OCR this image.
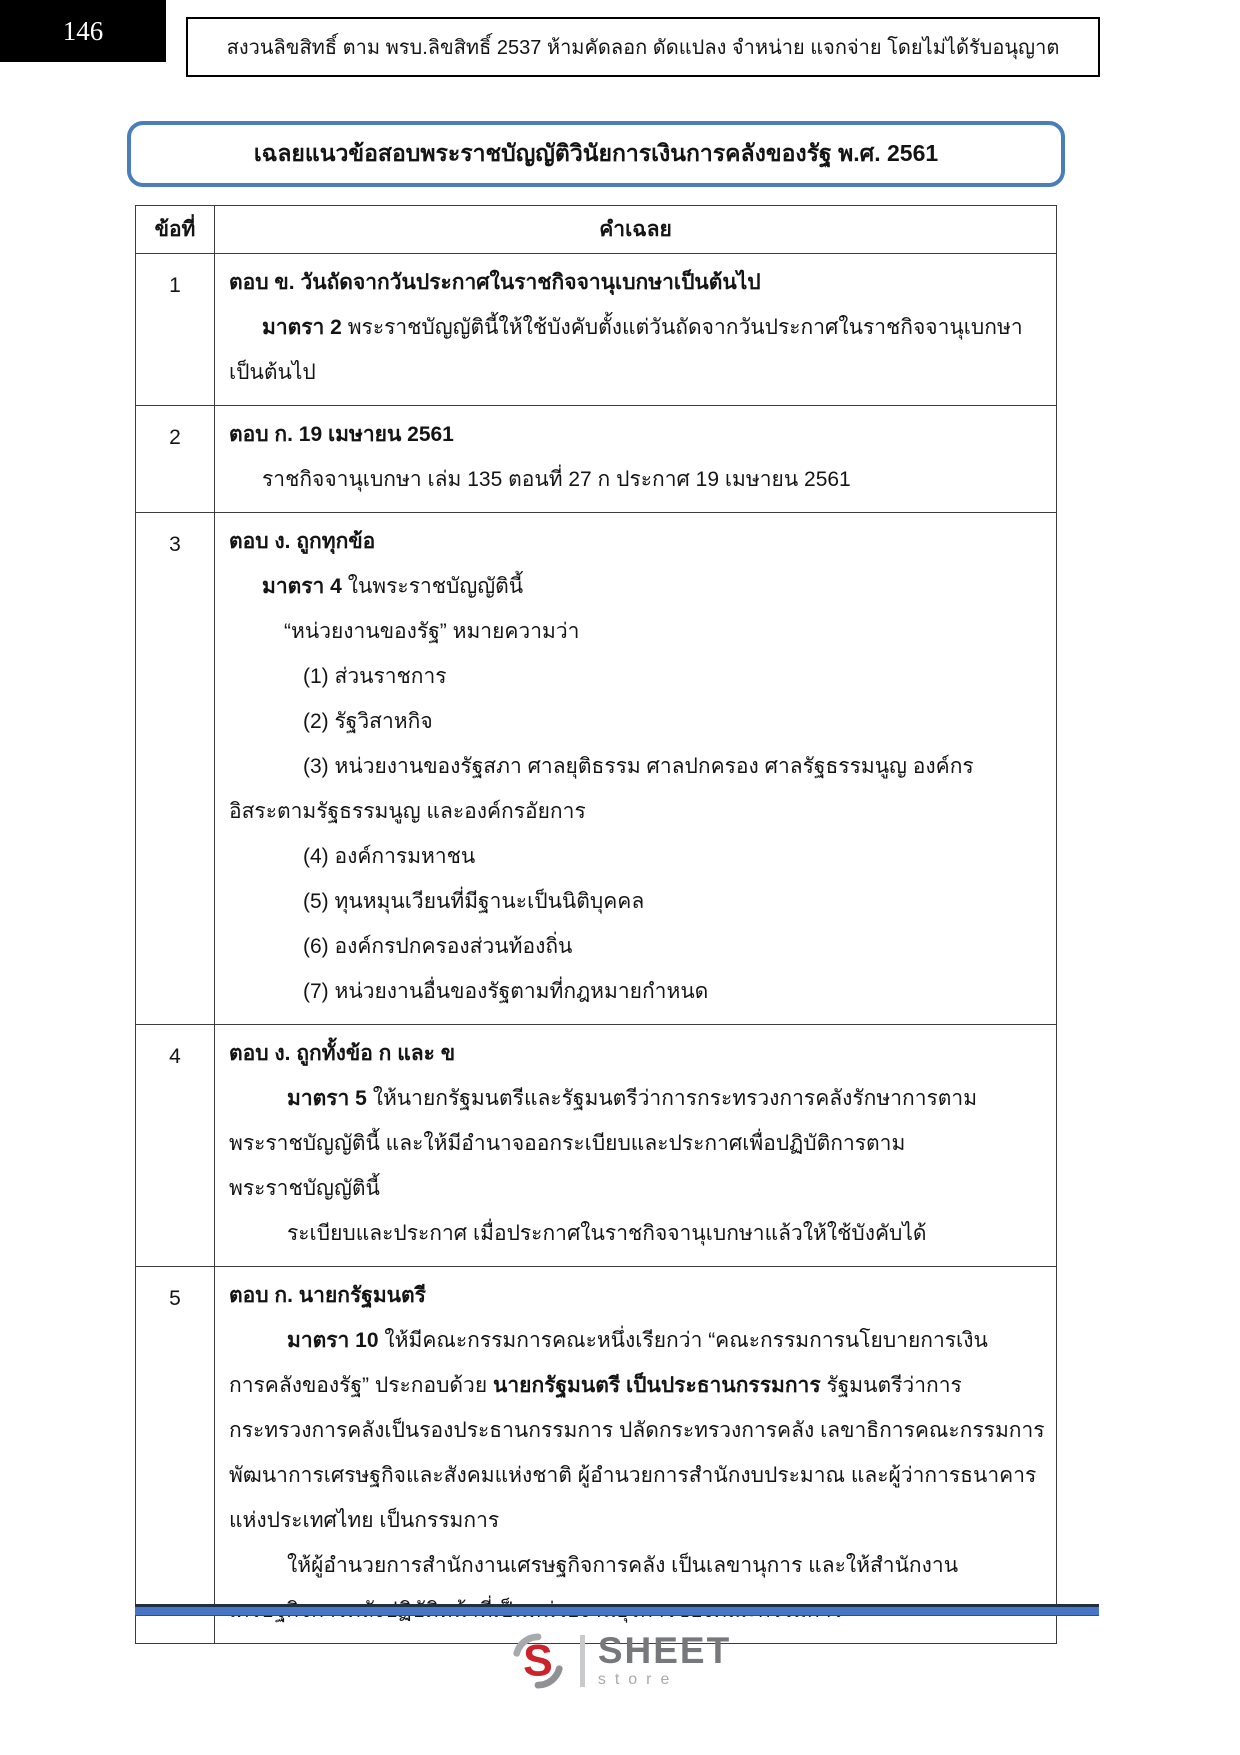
146
สงวนลิขสิทธิ์ ตาม พรบ.ลิขสิทธิ์ 2537 ห้ามคัดลอก ดัดแปลง จำหน่าย แจกจ่าย โดยไม่ได้รับอนุญาต
เฉลยแนวข้อสอบพระราชบัญญัติวินัยการเงินการคลังของรัฐ พ.ศ. 2561
ข้อที่	คำเฉลย
1	ตอบ ข. วันถัดจากวันประกาศในราชกิจจานุเบกษาเป็นต้นไป
มาตรา 2 พระราชบัญญัตินี้ให้ใช้บังคับตั้งแต่วันถัดจากวันประกาศในราชกิจจานุเบกษา
เป็นต้นไป

2	ตอบ ก. 19 เมษายน 2561
ราชกิจจานุเบกษา เล่ม 135 ตอนที่ 27 ก ประกาศ 19 เมษายน 2561

3	ตอบ ง. ถูกทุกข้อ
มาตรา 4 ในพระราชบัญญัตินี้
“หน่วยงานของรัฐ” หมายความว่า
(1) ส่วนราชการ
(2) รัฐวิสาหกิจ
(3) หน่วยงานของรัฐสภา ศาลยุติธรรม ศาลปกครอง ศาลรัฐธรรมนูญ องค์กร
อิสระตามรัฐธรรมนูญ และองค์กรอัยการ
(4) องค์การมหาชน
(5) ทุนหมุนเวียนที่มีฐานะเป็นนิติบุคคล
(6) องค์กรปกครองส่วนท้องถิ่น
(7) หน่วยงานอื่นของรัฐตามที่กฎหมายกำหนด

4	ตอบ ง. ถูกทั้งข้อ ก และ ข
มาตรา 5 ให้นายกรัฐมนตรีและรัฐมนตรีว่าการกระทรวงการคลังรักษาการตาม
พระราชบัญญัตินี้ และให้มีอำนาจออกระเบียบและประกาศเพื่อปฏิบัติการตาม
พระราชบัญญัตินี้
ระเบียบและประกาศ เมื่อประกาศในราชกิจจานุเบกษาแล้วให้ใช้บังคับได้

5	ตอบ ก. นายกรัฐมนตรี
มาตรา 10 ให้มีคณะกรรมการคณะหนึ่งเรียกว่า “คณะกรรมการนโยบายการเงิน
การคลังของรัฐ” ประกอบด้วย นายกรัฐมนตรี เป็นประธานกรรมการ รัฐมนตรีว่าการ
กระทรวงการคลังเป็นรองประธานกรรมการ ปลัดกระทรวงการคลัง เลขาธิการคณะกรรมการ
พัฒนาการเศรษฐกิจและสังคมแห่งชาติ ผู้อำนวยการสำนักงบประมาณ และผู้ว่าการธนาคาร
แห่งประเทศไทย เป็นกรรมการ
ให้ผู้อำนวยการสำนักงานเศรษฐกิจการคลัง เป็นเลขานุการ และให้สำนักงาน
S SHEET
store
